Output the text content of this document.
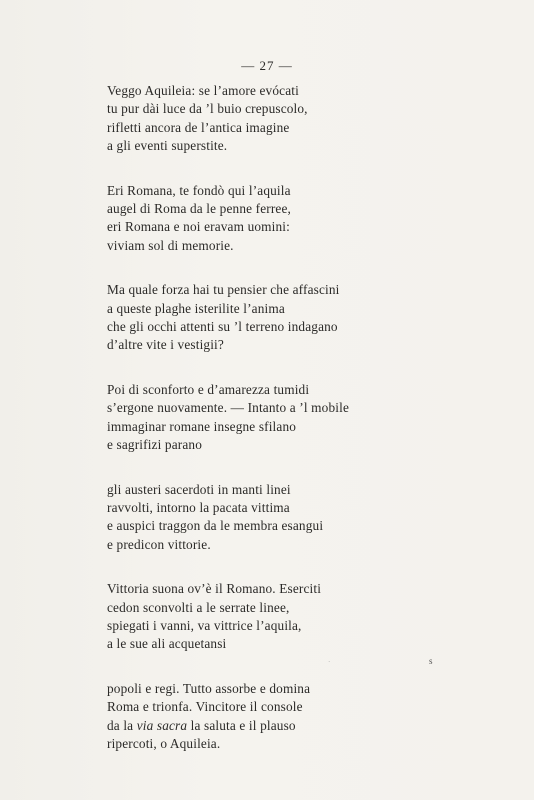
— 27 —

Veggo Aquileia: se l’amore evócati
tu pur dài luce da ’l buio crepuscolo,
rifletti ancora de l’antica imagine
a gli eventi superstite.

Eri Romana, te fondò qui l’aquila
augel di Roma da le penne ferree,
eri Romana e noi eravam uomini:
viviam sol di memorie.

Ma quale forza hai tu pensier che affascini
a queste plaghe isterilite l’anima
che gli occhi attenti su ’l terreno indagano
d’altre vite i vestigii?

Poi di sconforto e d’amarezza tumidi
s’ergone nuovamente. — Intanto a ’l mobile
immaginar romane insegne sfilano
e sagrifizi parano

gli austeri sacerdoti in manti linei
ravvolti, intorno la pacata vittima
e auspici traggon da le membra esangui
e predicon vittorie.

Vittoria suona ov’è il Romano. Eserciti
cedon sconvolti a le serrate linee,
spiegati i vanni, va vittrice l’aquila,
a le sue ali acquetansi

popoli e regi. Tutto assorbe e domina
Roma e trionfa. Vincitore il console
da la via sacra la saluta e il plauso
ripercoti, o Aquileia.

s
·
